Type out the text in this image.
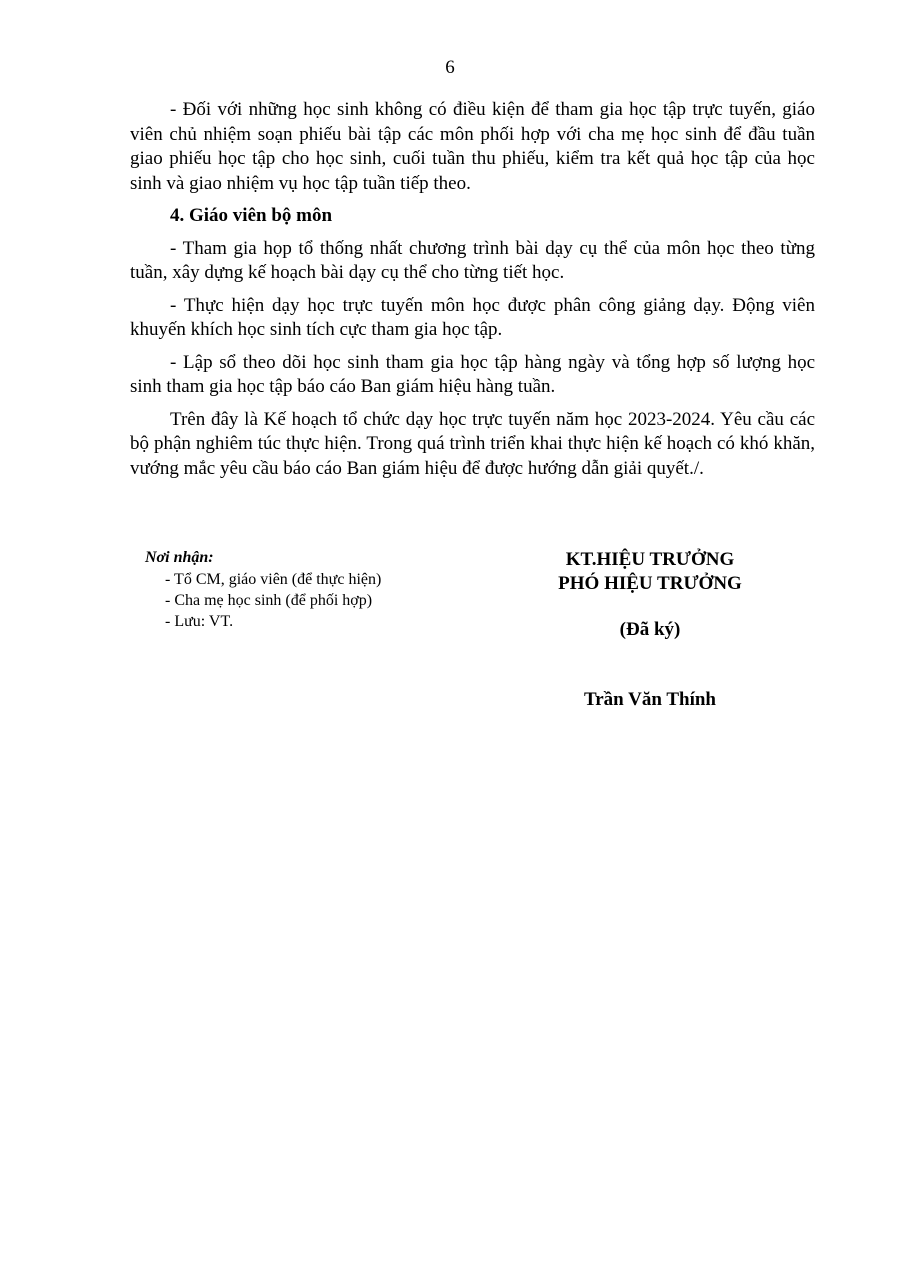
6

- Đối với những học sinh không có điều kiện để tham gia học tập trực tuyến, giáo viên chủ nhiệm soạn phiếu bài tập các môn phối hợp với cha mẹ học sinh để đầu tuần giao phiếu học tập cho học sinh, cuối tuần thu phiếu, kiểm tra kết quả học tập của học sinh và giao nhiệm vụ học tập tuần tiếp theo.

4. Giáo viên bộ môn

- Tham gia họp tổ thống nhất chương trình bài dạy cụ thể của môn học theo từng tuần, xây dựng kế hoạch bài dạy cụ thể cho từng tiết học.

- Thực hiện dạy học trực tuyến môn học được phân công giảng dạy. Động viên khuyến khích học sinh tích cực tham gia học tập.

- Lập sổ theo dõi học sinh tham gia học tập hàng ngày và tổng hợp số lượng học sinh tham gia học tập báo cáo Ban giám hiệu hàng tuần.

Trên đây là Kế hoạch tổ chức dạy học trực tuyến năm học 2023-2024. Yêu cầu các bộ phận nghiêm túc thực hiện. Trong quá trình triển khai thực hiện kế hoạch có khó khăn, vướng mắc yêu cầu báo cáo Ban giám hiệu để được hướng dẫn giải quyết./.

Nơi nhận:
- Tổ CM, giáo viên (để thực hiện)
- Cha mẹ học sinh (để phối hợp)
- Lưu: VT.
KT.HIỆU TRƯỞNG
PHÓ HIỆU TRƯỞNG
(Đã ký)
Trần Văn Thính
